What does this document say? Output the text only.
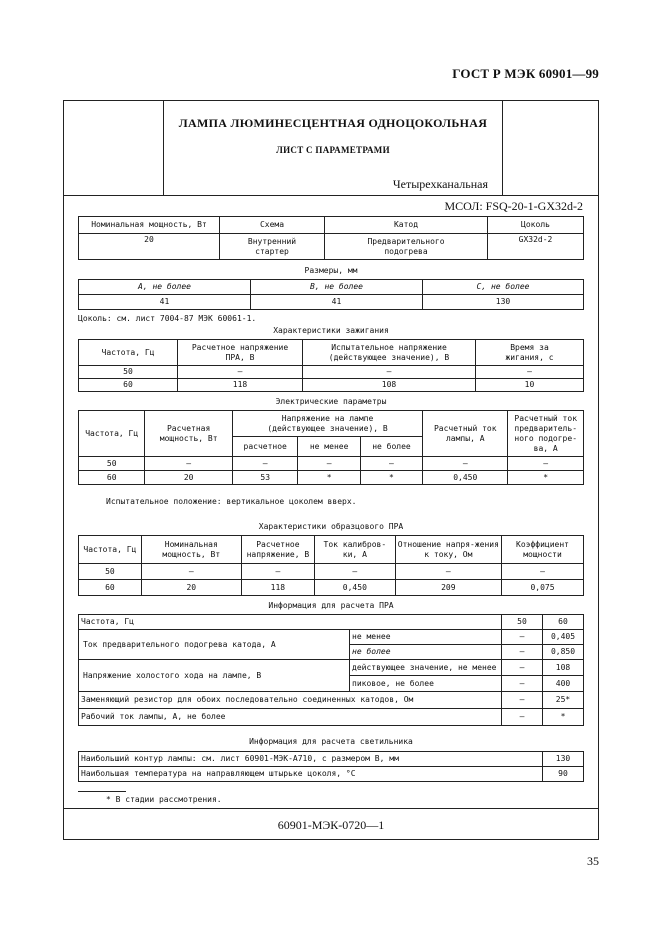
ГОСТ Р МЭК 60901—99
ЛАМПА ЛЮМИНЕСЦЕНТНАЯ ОДНОЦОКОЛЬНАЯ
ЛИСТ С ПАРАМЕТРАМИ
Четырехканальная
МСОЛ: FSQ-20-1-GX32d-2
Номинальная мощность, Вт	Схема	Катод	Цоколь
20	Внутренний стартер	Предварительного подогрева	GX32d-2
Размеры, мм
A, не более	B, не более	C, не более
41	41	130
Цоколь: см. лист 7004-87 МЭК 60061-1.
Характеристики зажигания
Частота, Гц	Расчетное напряжение ПРА, В	Испытательное напряжение (действующее значение), В	Время за жигания, с
50	—	—	—
60	118	108	10
Электрические параметры
Частота, Гц	Расчетная мощность, Вт	Напряжение на лампе (действующее значение), В			Расчетный ток лампы, А	Расчетный ток предваритель-ного подогре-ва, А
		расчетное	не менее	не более		
50	—	—	—	—	—	—
60	20	53	*	*	0,450	*
Испытательное положение: вертикальное цоколем вверх.
Характеристики образцового ПРА
Частота, Гц	Номинальная мощность, Вт	Расчетное напряжение, В	Ток калибров-ки, А	Отношение напря-жения к току, Ом	Коэффициент мощности
50	—	—	—	—	—
60	20	118	0,450	209	0,075
Информация для расчета ПРА
Частота, Гц		50	60
Ток предварительного подогрева катода, А	не менее	—	0,405
	не более	—	0,850
Напряжение холостого хода на лампе, В	действующее значение, не менее	—	108
	пиковое, не более	—	400
Заменяющий резистор для обоих последовательно соединенных катодов, Ом		—	25*
Рабочий ток лампы, А, не более		—	*
Информация для расчета светильника
Наибольший контур лампы: см. лист 60901-МЭК-А710, с размером B, мм	130
Наибольшая температура на направляющем штырьке цоколя, °C	90
* В стадии рассмотрения.
60901-МЭК-0720—1
35
